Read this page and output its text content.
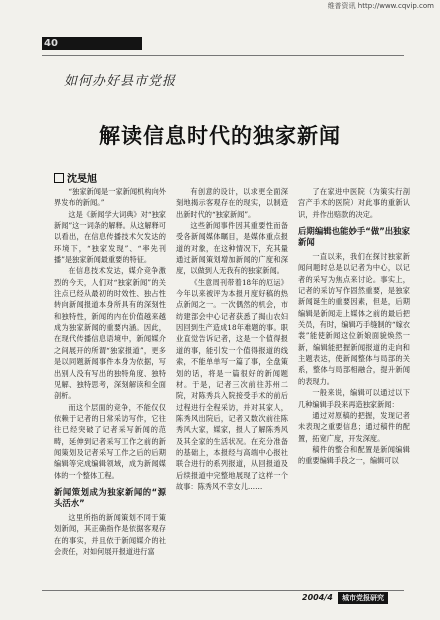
维普资讯 http://www.cqvip.com
40
如何办好县市党报
解读信息时代的独家新闻
沈旻旭

“独家新闻是一家新闻机构向外界发布的新闻。”

这是《新闻学大词典》对“独家新闻”这一词条的解释。从这解释可以看出，在信息传播技术欠发达的环境下，“独家发现”、“率先刊播”是独家新闻最重要的特征。

在信息技术发达，媒介竞争激烈的今天，人们对“独家新闻”的关注点已经从最初的时效性、独占性转向新闻报道本身所具有的深刻性和独特性，新闻的内在价值越来越成为独家新闻的重要内涵。因此，在现代传播信息语境中，新闻媒介之间展开的所谓“独家报道”，更多是以同题新闻事件本身为依据，写出别人没有写出的独特角度、独特见解、独特思考，深刻解读和全面剖析。

而这个层面的竞争，不能仅仅依赖于记者的日常采访写作，它往往已经突破了记者采写新闻的范畴，延伸到记者采写工作之前的新闻策划及记者采写工作之后的后期编辑等完成编辑领域，成为新闻媒体的一个整体工程。

新闻策划成为独家新闻的“源头活水”

这里所指的新闻策划不同于策划新闻，其正确指作是依据客观存在的事实，并且依于新闻媒介的社会责任，对如何展开报道进行富

有创意的设计，以求更全面深刻地揭示客观存在的现实，以制造出新时代的“独家新闻”。

这些新闻事件因其重要性而备受各新闻媒体瞩目，是媒体重点报道的对象，在这种情况下，充其量通过新闻策划增加新闻的广度和深度，以做到人无我有的独家新闻。

《生意周刊带着18年的厄运》今年以来被评为本报月度好稿的热点新闻之一。一次偶然的机会，市纺建部会中心记者获悉了揭山农妇因回到生产造成18年难题的事。职业直觉告诉记者，这是一个值得报道的事，能引发一个值得报道的线索，不能单单写一篇了事，全盘策划的话，将是一篇很好的新闻题材。于是，记者三次前往苏州二院，对陈秀兵入院接受手术的前后过程进行全程采访，并对其家人，陈秀风出院后，记者又数次前往陈秀风大家，媒家，报人了解陈秀风及其全家的生活状况。在充分准备的基础上，本报经与高端中心报社联合进行的系列报道，从回报道及后续报道中完整地展现了这样一个故事：陈秀风不幸女儿……

了在家进中医院（为策实行剖宫产手术的医院）对此事的重新认识，并作出赔款的决定。

后期编辑也能妙手“做”出独家新闻

一直以来，我们在探讨独家新闻问题时总是以记者为中心，以记者的采写为焦点来讨论。事实上，记者的采访写作固然重要，是独家新闻诞生的重要因素，但是，后期编辑是新闻走上媒体之前的最后把关员，有时，编辑巧手缝制的“嫁衣裳”能使新闻这位新娘面貌焕然一新，编辑能把握新闻报道的走向和主题表达，使新闻整体与局部的关系，整体与局部相融合，提升新闻的表现力。

一般来说，编辑可以通过以下几种编辑手段来再造独家新闻：

通过对原稿的把握，发现记者未表现之重要信息；通过稿件的配置，拓宽广度，开发深度。

稿件的整合和配置是新闻编辑的重要编辑手段之一，编辑可以

2004/4	城市党报研究
